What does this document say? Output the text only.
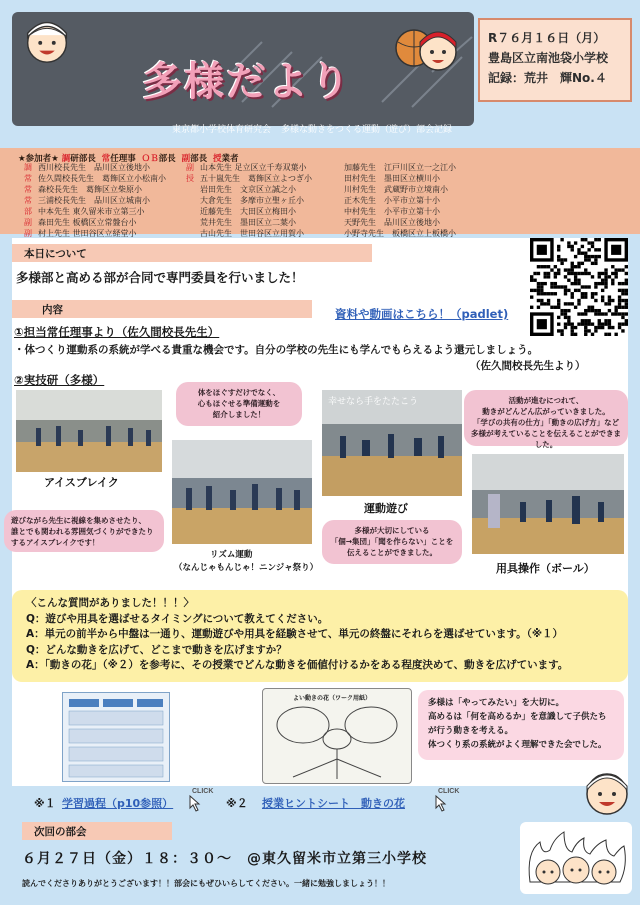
多様だより
東京都小学校体育研究会 多様な動きをつくる運動（遊び）部会記録
R７６月１６日（月）
豊島区立南池袋小学校
記録：荒井　輝No.４
★参加者★ 調研部長 常任理事 ＯＢ部長 副部長 授業者
調 西川校長先生　品川区立後地小
常 佐久間校長先生　葛飾区立小松南小
常 森校長先生　葛飾区立柴原小
常 三浦校長先生　品川区立城南小
部 中本先生 東久留米市立第三小
副 森田先生 板橋区立常盤台小
副 村上先生 世田谷区立経堂小
副 山本先生 足立区立千寿双葉小
授 五十嵐先生　葛飾区立よつぎ小
岩田先生　文京区立誠之小
大倉先生　多摩市立聖ヶ丘小
近藤先生　大田区立梅田小
荒井先生　墨田区立二葉小
古山先生　世田谷区立用賀小
加藤先生　江戸川区立一之江小
田村先生　墨田区立横川小
川村先生　武蔵野市立境南小
正木先生　小平市立第十小
中村先生　小平市立第十小
天野先生　品川区立後地小
小野寺先生　板橋区立上板橋小
本日について
多様部と高める部が合同で専門委員を行いました！
内容	資料や動画はこちら！（padlet)
①担当常任理事より（佐久間校長先生）
・体つくり運動系の系統が学べる貴重な機会です。自分の学校の先生にも学んでもらえるよう還元しましょう。
（佐久間校長先生より）
②実技研（多様）
アイスブレイク
遊びながら先生に視線を集めさせたり、
誰とでも関われる雰囲気づくりができたり
するアイスブレイクです！
体をほぐすだけでなく、
心もほぐせる準備運動を
紹介しました！
リズム運動
（なんじゃもんじゃ！ニンジャ祭り）
幸せなら手をたたこう
運動遊び
多様が大切にしている
「個→集団」「聞を作らない」ことを
伝えることができました。
活動が進むにつれて、
動きがどんどん広がっていきました。
「学びの共有の仕方」「動きの広げ方」など
多様が考えていることを伝えることができました。
用具操作（ボール）
〈こんな質問がありました！！！〉
Q：遊びや用具を選ばせるタイミングについて教えてください。
A：単元の前半から中盤は一通り、運動遊びや用具を経験させて、単元の終盤にそれらを選ばせています。（※１）
Q：どんな動きを広げて、どこまで動きを広げますか？
A：「動きの花」（※２）を参考に、その授業でどんな動きを価値付けるかをある程度決めて、動きを広げています。
よい動きの花（ワーク用紙）	多様は「やってみたい」を大切に。
高めるは「何を高めるか」を意識して子供たち
が行う動きを考える。
体つくり系の系統がよく理解できた会でした。
※１ 学習過程（p10参照）
CLICK
※２ 授業ヒントシート　動きの花
CLICK
次回の部会
６月２７日（金）１８：３０～　@東久留米市立第三小学校
読んでくださりありがとうございます！！部会にもぜひいらしてください。一緒に勉強しましょう！！
